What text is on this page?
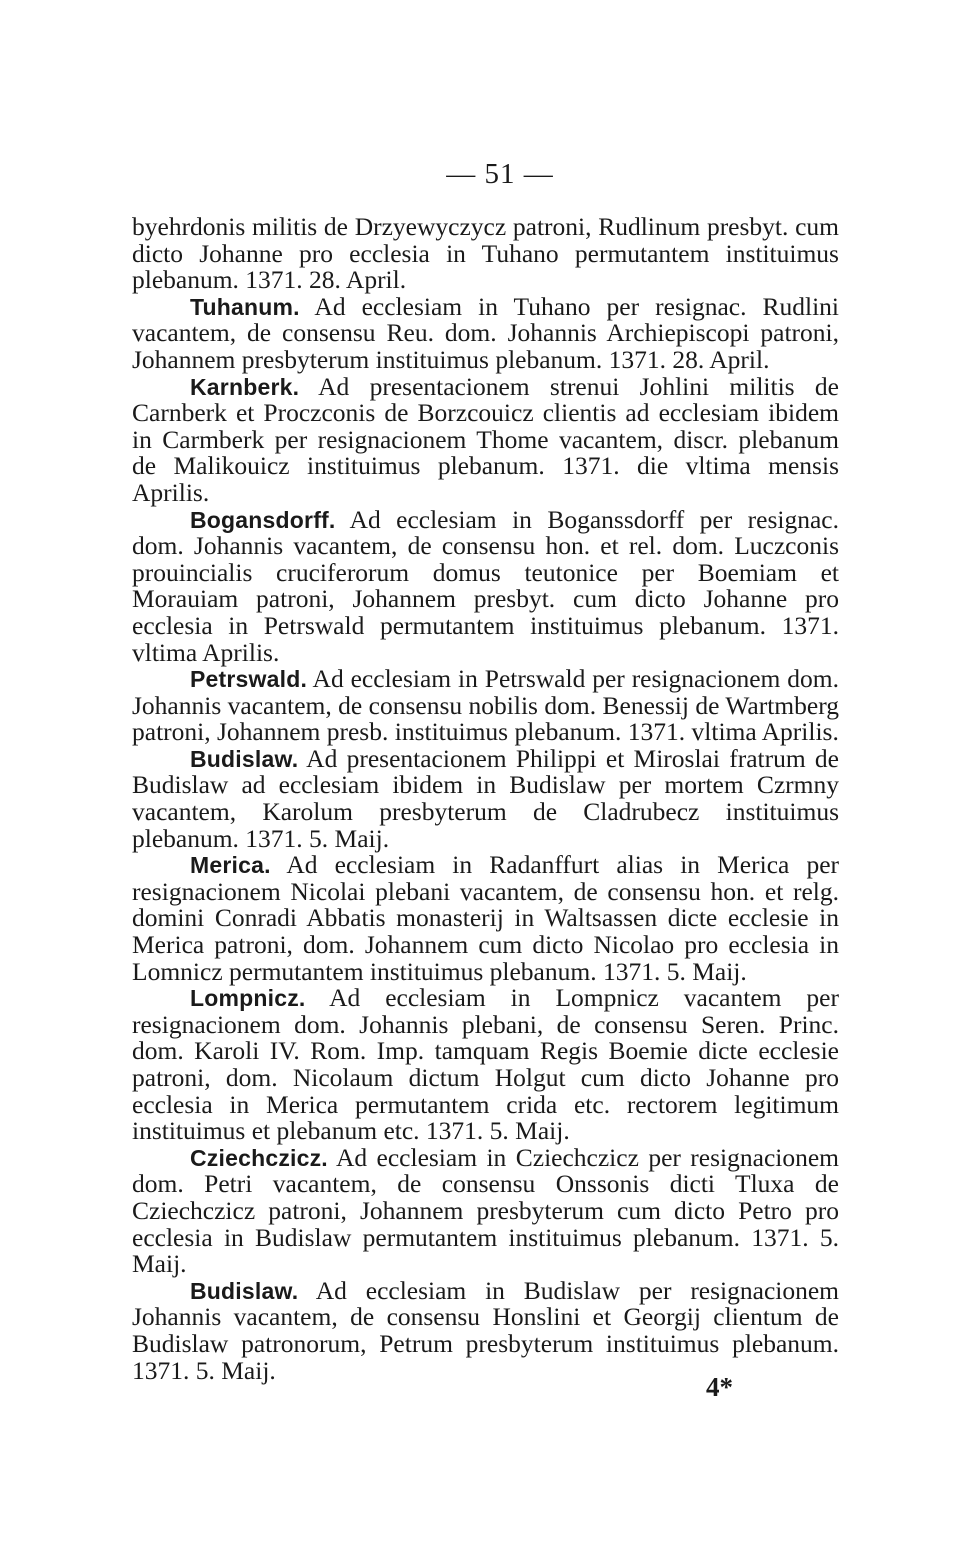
— 51 —

byehrdonis militis de Drzyewyczycz patroni, Rudlinum presbyt. cum dicto Johanne pro ecclesia in Tuhano permutantem instituimus plebanum. 1371. 28. April.

Tuhanum. Ad ecclesiam in Tuhano per resignac. Rudlini vacantem, de consensu Reu. dom. Johannis Archiepiscopi patroni, Johannem presbyterum instituimus plebanum. 1371. 28. April.

Karnberk. Ad presentacionem strenui Johlini militis de Carnberk et Proczconis de Borzcouicz clientis ad ecclesiam ibidem in Carmberk per resignacionem Thome vacantem, discr. plebanum de Malikouicz instituimus plebanum. 1371. die vltima mensis Aprilis.

Bogansdorff. Ad ecclesiam in Boganssdorff per resignac. dom. Johannis vacantem, de consensu hon. et rel. dom. Luczconis prouincialis cruciferorum domus teutonice per Boemiam et Morauiam patroni, Johannem presbyt. cum dicto Johanne pro ecclesia in Petrswald permutantem instituimus plebanum. 1371. vltima Aprilis.

Petrswald. Ad ecclesiam in Petrswald per resignacionem dom. Johannis vacantem, de consensu nobilis dom. Benessij de Wartmberg patroni, Johannem presb. instituimus plebanum. 1371. vltima Aprilis.

Budislaw. Ad presentacionem Philippi et Miroslai fratrum de Budislaw ad ecclesiam ibidem in Budislaw per mortem Czrmny vacantem, Karolum presbyterum de Cladrubecz instituimus plebanum. 1371. 5. Maij.

Merica. Ad ecclesiam in Radanffurt alias in Merica per resignacionem Nicolai plebani vacantem, de consensu hon. et relg. domini Conradi Abbatis monasterij in Waltsassen dicte ecclesie in Merica patroni, dom. Johannem cum dicto Nicolao pro ecclesia in Lomnicz permutantem instituimus plebanum. 1371. 5. Maij.

Lompnicz. Ad ecclesiam in Lompnicz vacantem per resignacionem dom. Johannis plebani, de consensu Seren. Princ. dom. Karoli IV. Rom. Imp. tamquam Regis Boemie dicte ecclesie patroni, dom. Nicolaum dictum Holgut cum dicto Johanne pro ecclesia in Merica permutantem crida etc. rectorem legitimum instituimus et plebanum etc. 1371. 5. Maij.

Cziechczicz. Ad ecclesiam in Cziechczicz per resignacionem dom. Petri vacantem, de consensu Onssonis dicti Tluxa de Cziechczicz patroni, Johannem presbyterum cum dicto Petro pro ecclesia in Budislaw permutantem instituimus plebanum. 1371. 5. Maij.

Budislaw. Ad ecclesiam in Budislaw per resignacionem Johannis vacantem, de consensu Honslini et Georgij clientum de Budislaw patronorum, Petrum presbyterum instituimus plebanum. 1371. 5. Maij.

4*
